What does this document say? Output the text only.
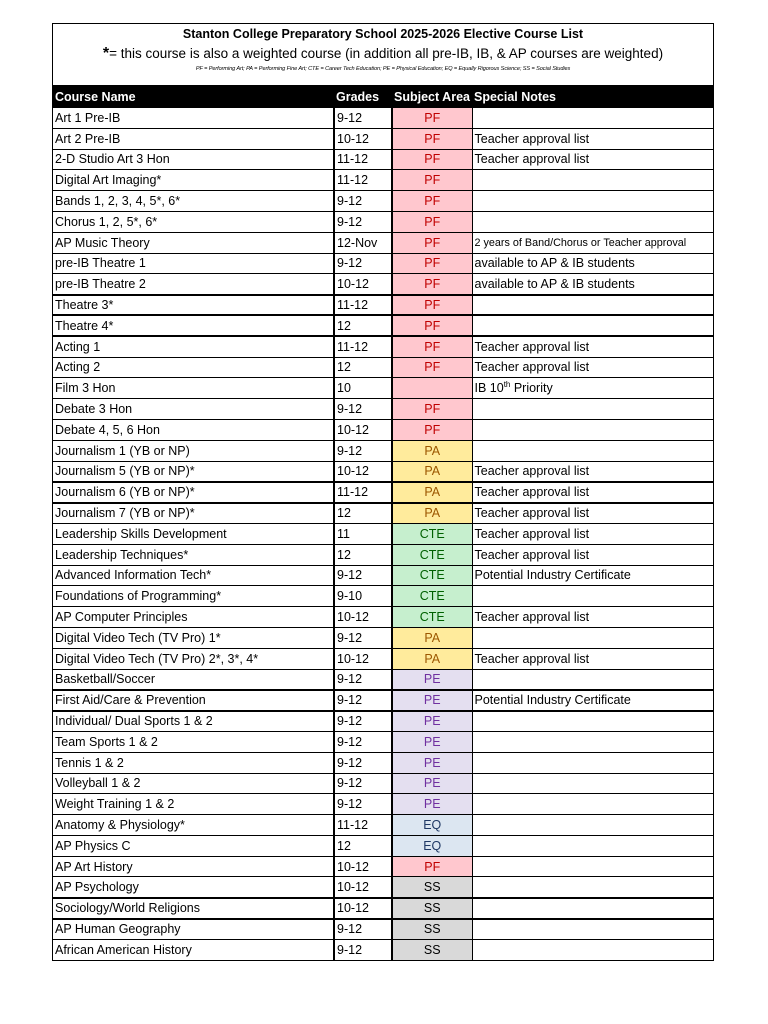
Stanton College Preparatory School 2025-2026 Elective Course List
*= this course is also a weighted course (in addition all pre-IB, IB, & AP courses are weighted)
PF = Performing Art; PA = Performing Fine Art; CTE = Career Tech Education; PE = Physical Education; EQ = Equally Rigorous Science; SS = Social Studies
Course Name	Grades	Subject Area	Special Notes
Art 1 Pre-IB	9-12	PF	
Art 2 Pre-IB	10-12	PF	Teacher approval list
2-D Studio Art 3 Hon	11-12	PF	Teacher approval list
Digital Art Imaging*	11-12	PF	
Bands 1, 2, 3, 4, 5*, 6*	9-12	PF	
Chorus 1, 2, 5*, 6*	9-12	PF	
AP Music Theory	12-Nov	PF	2 years of Band/Chorus or Teacher approval
pre-IB Theatre 1	9-12	PF	available to AP & IB students
pre-IB Theatre 2	10-12	PF	available to AP & IB students
Theatre 3*	11-12	PF	
Theatre 4*	12	PF	
Acting 1	11-12	PF	Teacher approval list
Acting 2	12	PF	Teacher approval list
Film 3 Hon	10		IB 10th Priority
Debate 3 Hon	9-12	PF	
Debate 4, 5, 6 Hon	10-12	PF	
Journalism 1 (YB or NP)	9-12	PA	
Journalism 5 (YB or NP)*	10-12	PA	Teacher approval list
Journalism 6 (YB or NP)*	11-12	PA	Teacher approval list
Journalism 7 (YB or NP)*	12	PA	Teacher approval list
Leadership Skills Development	11	CTE	Teacher approval list
Leadership Techniques*	12	CTE	Teacher approval list
Advanced Information Tech*	9-12	CTE	Potential Industry Certificate
Foundations of Programming*	9-10	CTE	
AP Computer Principles	10-12	CTE	Teacher approval list
Digital Video Tech (TV Pro) 1*	9-12	PA	
Digital Video Tech (TV Pro) 2*, 3*, 4*	10-12	PA	Teacher approval list
Basketball/Soccer	9-12	PE	
First Aid/Care & Prevention	9-12	PE	Potential Industry Certificate
Individual/ Dual Sports 1 & 2	9-12	PE	
Team Sports 1 & 2	9-12	PE	
Tennis 1 & 2	9-12	PE	
Volleyball 1 & 2	9-12	PE	
Weight Training 1 & 2	9-12	PE	
Anatomy & Physiology*	11-12	EQ	
AP Physics C	12	EQ	
AP Art History	10-12	PF	
AP Psychology	10-12	SS	
Sociology/World Religions	10-12	SS	
AP Human Geography	9-12	SS	
African American History	9-12	SS	
